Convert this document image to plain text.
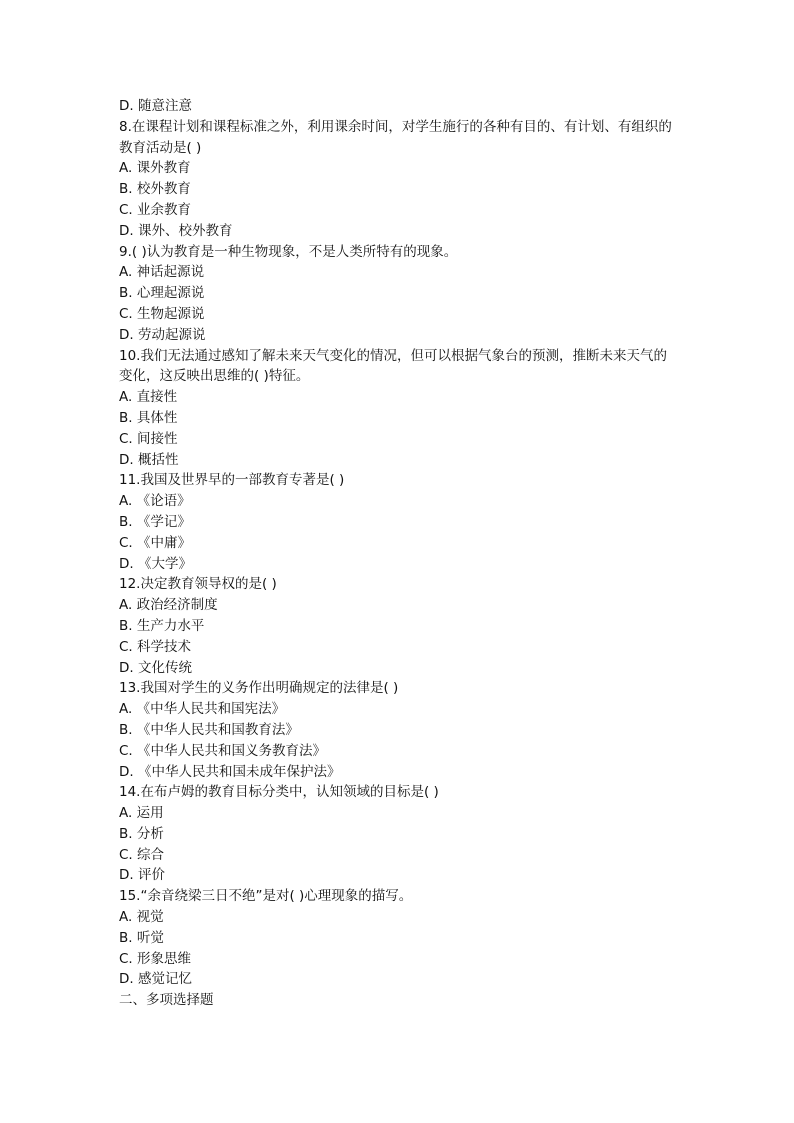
D. 随意注意
8.在课程计划和课程标准之外，利用课余时间，对学生施行的各种有目的、有计划、有组织的教育活动是( )
A. 课外教育
B. 校外教育
C. 业余教育
D. 课外、校外教育
9.( )认为教育是一种生物现象，不是人类所特有的现象。
A. 神话起源说
B. 心理起源说
C. 生物起源说
D. 劳动起源说
10.我们无法通过感知了解未来天气变化的情况，但可以根据气象台的预测，推断未来天气的变化，这反映出思维的( )特征。
A. 直接性
B. 具体性
C. 间接性
D. 概括性
11.我国及世界早的一部教育专著是( )
A. 《论语》
B. 《学记》
C. 《中庸》
D. 《大学》
12.决定教育领导权的是( )
A. 政治经济制度
B. 生产力水平
C. 科学技术
D. 文化传统
13.我国对学生的义务作出明确规定的法律是( )
A. 《中华人民共和国宪法》
B. 《中华人民共和国教育法》
C. 《中华人民共和国义务教育法》
D. 《中华人民共和国未成年保护法》
14.在布卢姆的教育目标分类中，认知领域的目标是( )
A. 运用
B. 分析
C. 综合
D. 评价
15.“余音绕梁三日不绝”是对( )心理现象的描写。
A. 视觉
B. 听觉
C. 形象思维
D. 感觉记忆
二、多项选择题
